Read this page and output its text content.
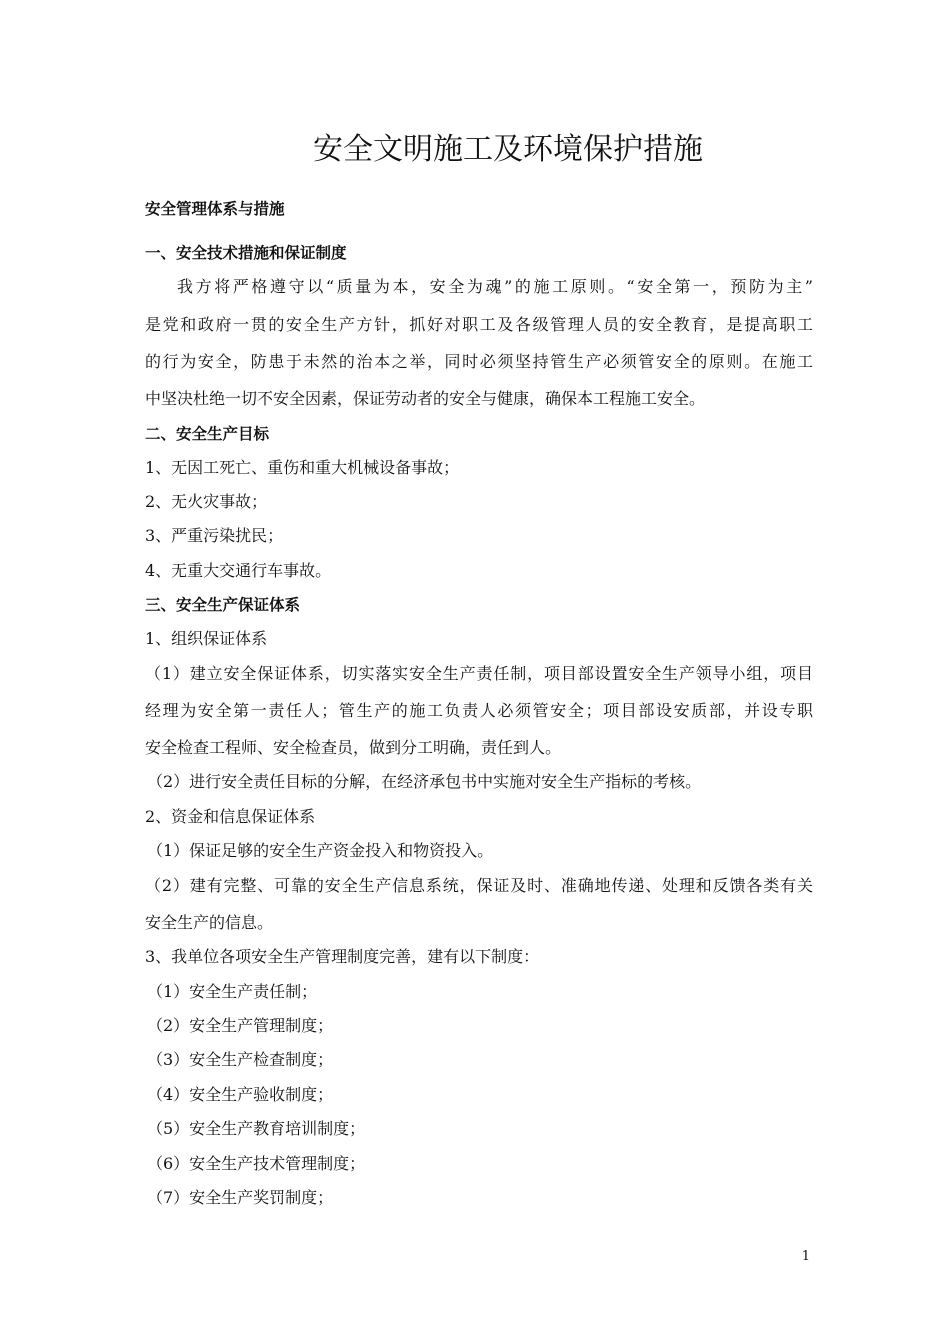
安全文明施工及环境保护措施
安全管理体系与措施
一、安全技术措施和保证制度
我方将严格遵守以“质量为本，安全为魂”的施工原则。“安全第一，预防为主”
是党和政府一贯的安全生产方针，抓好对职工及各级管理人员的安全教育，是提高职工
的行为安全，防患于未然的治本之举，同时必须坚持管生产必须管安全的原则。在施工
中坚决杜绝一切不安全因素，保证劳动者的安全与健康，确保本工程施工安全。
二、安全生产目标
1、无因工死亡、重伤和重大机械设备事故；
2、无火灾事故；
3、严重污染扰民；
4、无重大交通行车事故。
三、安全生产保证体系
1、组织保证体系
（1）建立安全保证体系，切实落实安全生产责任制，项目部设置安全生产领导小组，项目
经理为安全第一责任人；管生产的施工负责人必须管安全；项目部设安质部，并设专职
安全检查工程师、安全检查员，做到分工明确，责任到人。
（2）进行安全责任目标的分解，在经济承包书中实施对安全生产指标的考核。
2、资金和信息保证体系
（1）保证足够的安全生产资金投入和物资投入。
（2）建有完整、可靠的安全生产信息系统，保证及时、准确地传递、处理和反馈各类有关
安全生产的信息。
3、我单位各项安全生产管理制度完善，建有以下制度：
（1）安全生产责任制；
（2）安全生产管理制度；
（3）安全生产检查制度；
（4）安全生产验收制度；
（5）安全生产教育培训制度；
（6）安全生产技术管理制度；
（7）安全生产奖罚制度；
1
